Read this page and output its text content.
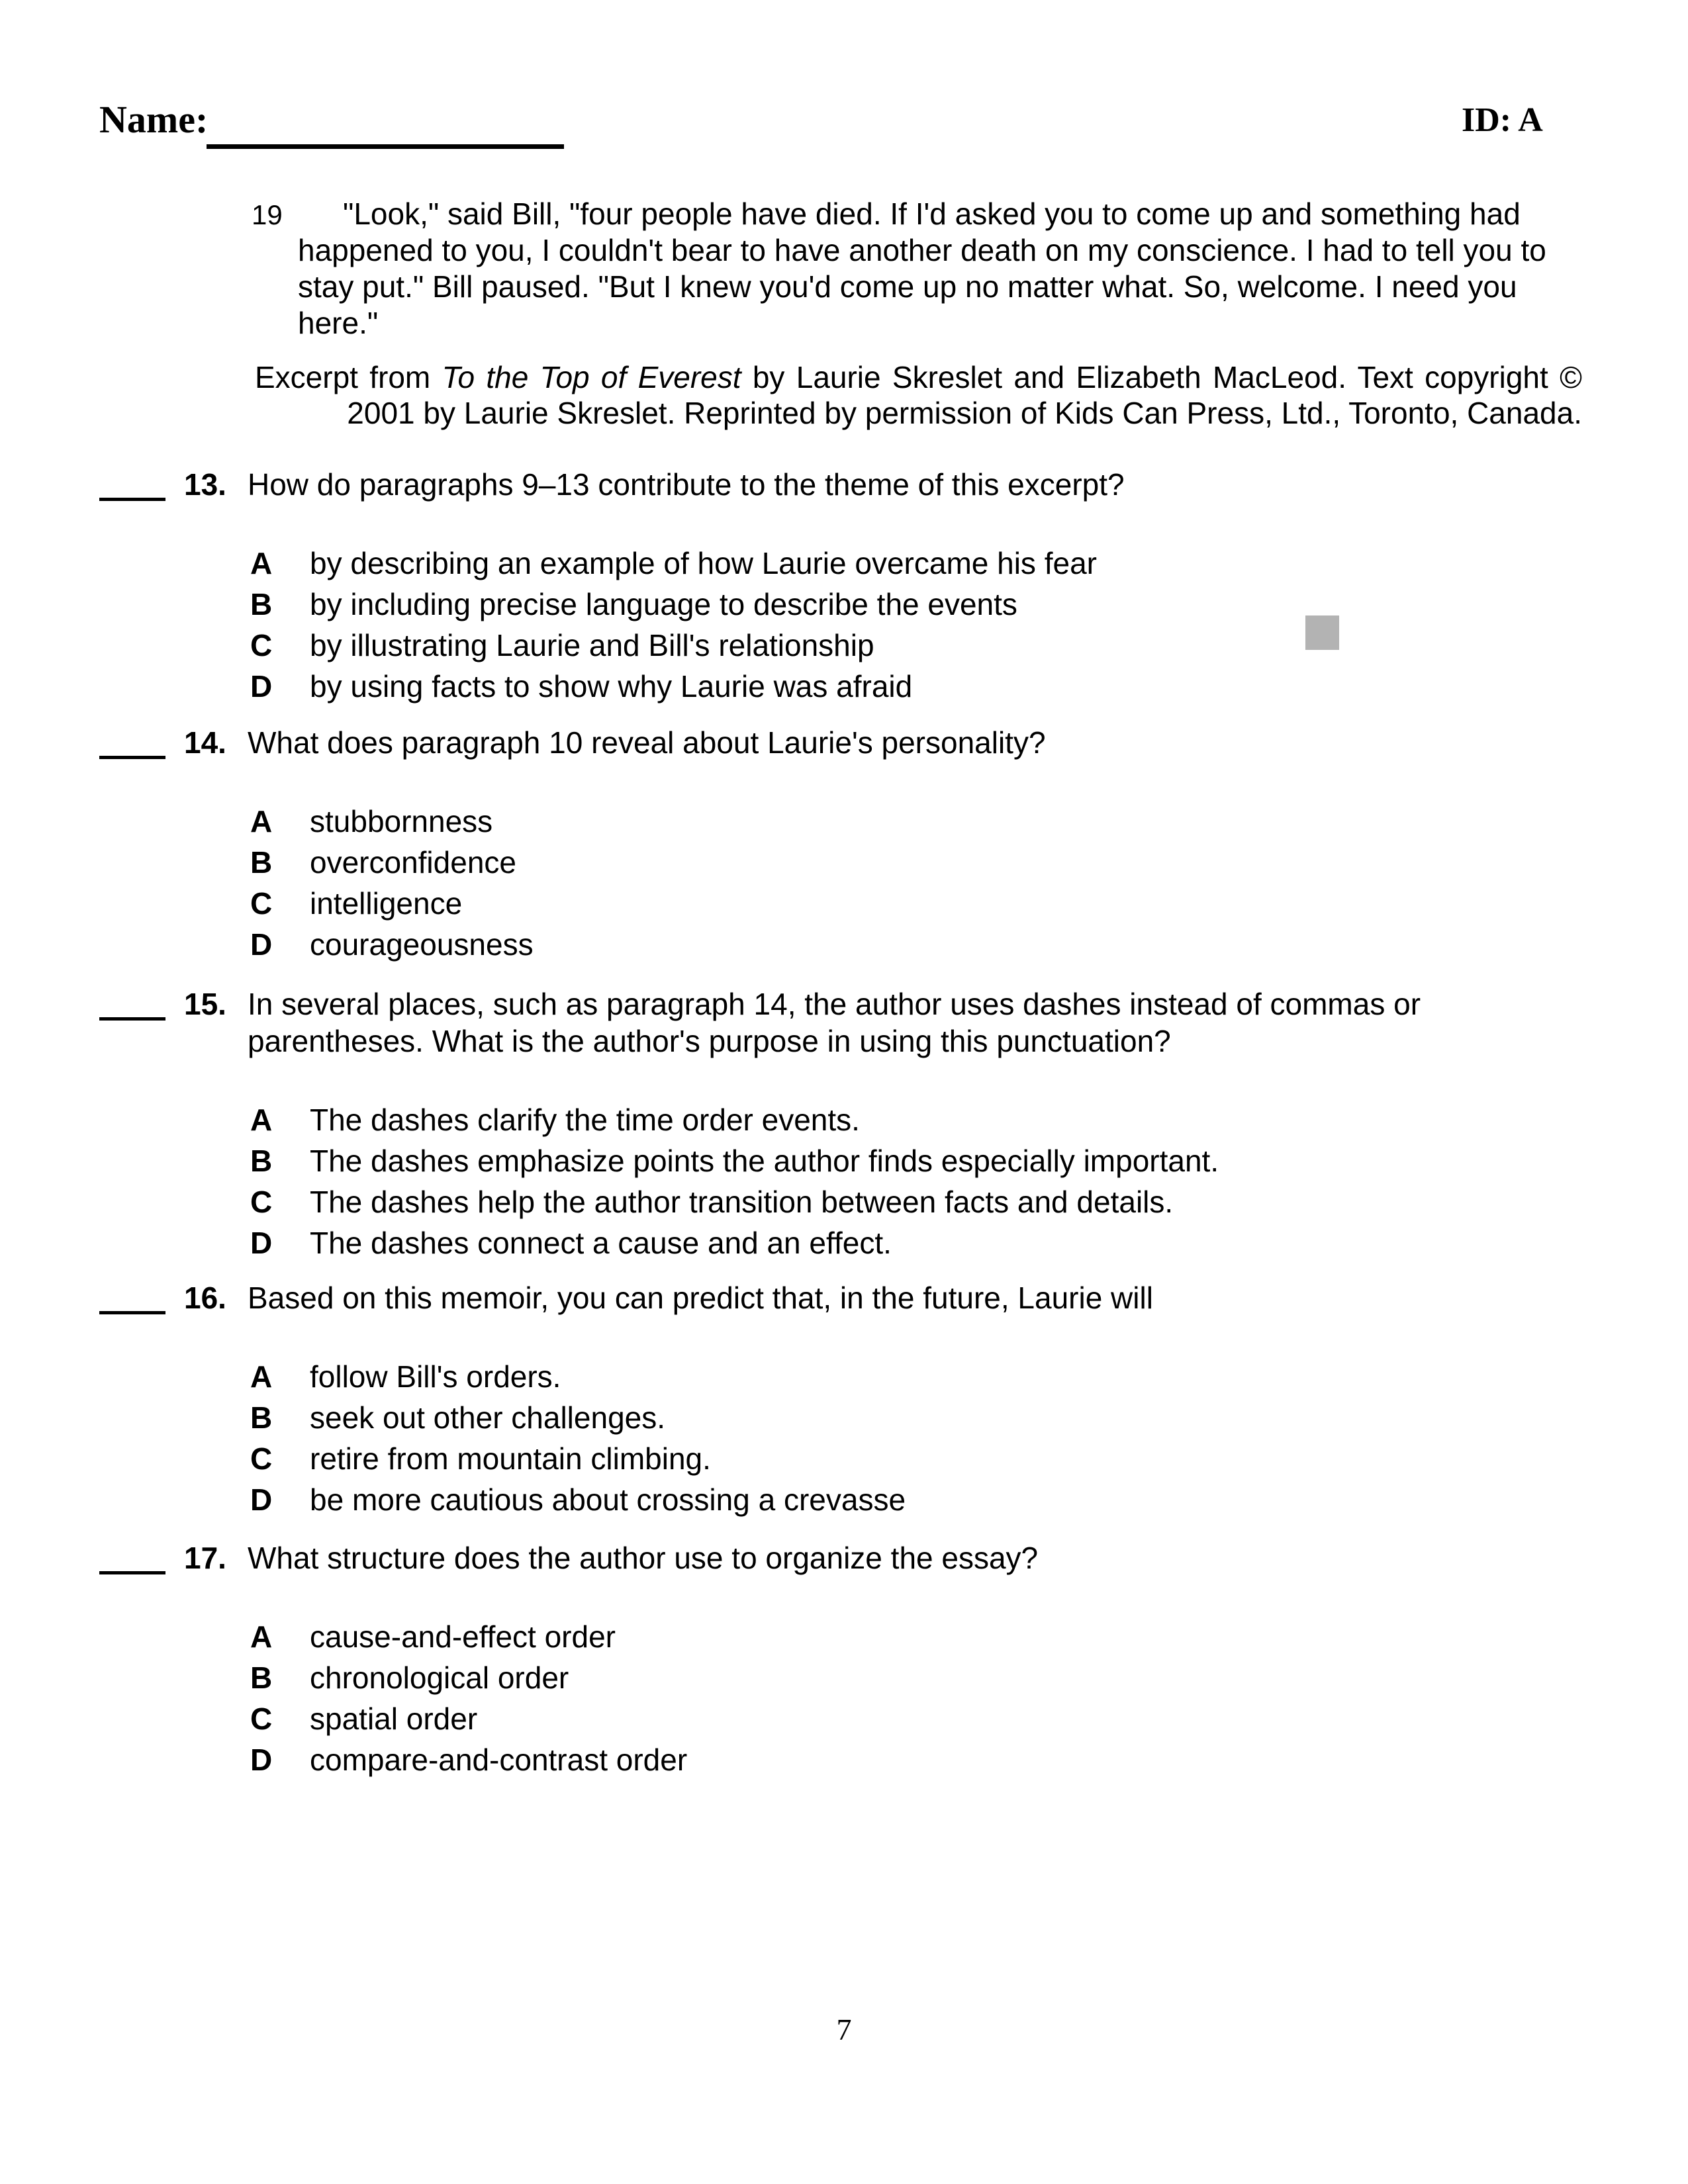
Name:	ID: A
19	"Look," said Bill, "four people have died. If I'd asked you to come up and something had happened to you, I couldn't bear to have another death on my conscience. I had to tell you to stay put." Bill paused. "But I knew you'd come up no matter what. So, welcome. I need you here."

Excerpt from To the Top of Everest by Laurie Skreslet and Elizabeth MacLeod. Text copyright © 2001 by Laurie Skreslet. Reprinted by permission of Kids Can Press, Ltd., Toronto, Canada.
13. How do paragraphs 9–13 contribute to the theme of this excerpt?

A by describing an example of how Laurie overcame his fear
B by including precise language to describe the events
C by illustrating Laurie and Bill's relationship
D by using facts to show why Laurie was afraid
14. What does paragraph 10 reveal about Laurie's personality?

A stubbornness
B overconfidence
C intelligence
D courageousness
15. In several places, such as paragraph 14, the author uses dashes instead of commas or parentheses. What is the author's purpose in using this punctuation?

A The dashes clarify the time order events.
B The dashes emphasize points the author finds especially important.
C The dashes help the author transition between facts and details.
D The dashes connect a cause and an effect.
16. Based on this memoir, you can predict that, in the future, Laurie will

A follow Bill's orders.
B seek out other challenges.
C retire from mountain climbing.
D be more cautious about crossing a crevasse
17. What structure does the author use to organize the essay?

A cause-and-effect order
B chronological order
C spatial order
D compare-and-contrast order
7
